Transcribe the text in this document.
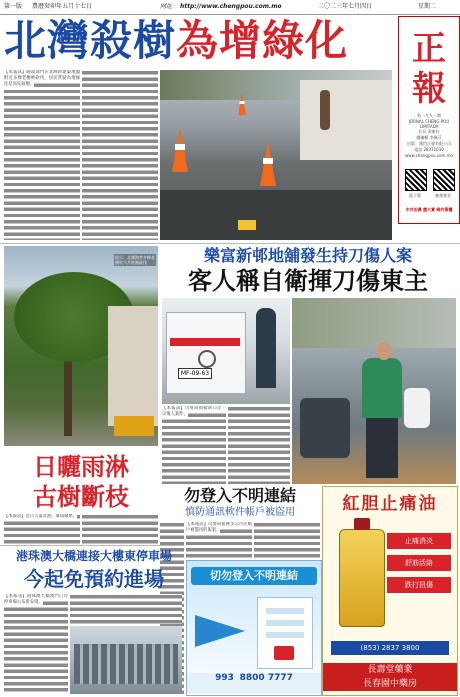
第一版 農曆癸卯年五月十七日	网址 http://www.chengpou.com.mo	二〇二三年七月四日	星期二
北灣殺樹為增綠化	正報
第一九九一期
JORNAL CHENG POU LIMITADA
社長 黃東好
總編輯 李佩芬
出版：澳門正報有限公司
電話 28371010
www.chengpou.com.mo
電子版	臉書專頁
中共治澳 盡大責 維共管權
【本報訊】路政部門在北灣新建築地盤附近多棵老樹被砍伐，居民質疑為增綠化反而先殺樹。
樂富新邨地舖發生持刀傷人案
客人稱自衛揮刀傷東主
提示：北灣海旁多棵老樹於六月底被砍伐
日曬雨淋
古樹斷枝
【本報訊】近日天氣炎熱，暴雨頻繁。
MF-09-63
【本報訊】司警局偵破新口岸一宗傷人案件。
勿登入不明連結
慎防通訊軟件帳戶被盜用
【本報訊】司警局接獲多宗市民帳戶被盜用的報案。
切勿登入不明連結
993 8800 7777
港珠澳大橋連接大樓東停車場
今起免預約進場
【本報訊】港珠澳大橋澳門口岸停車場公布新安排。
紅胆止痛油
止痛消炎
舒筋活絡
跌打扭傷
(853) 2837 3800
長壽堂藥業
長春園中藥房
